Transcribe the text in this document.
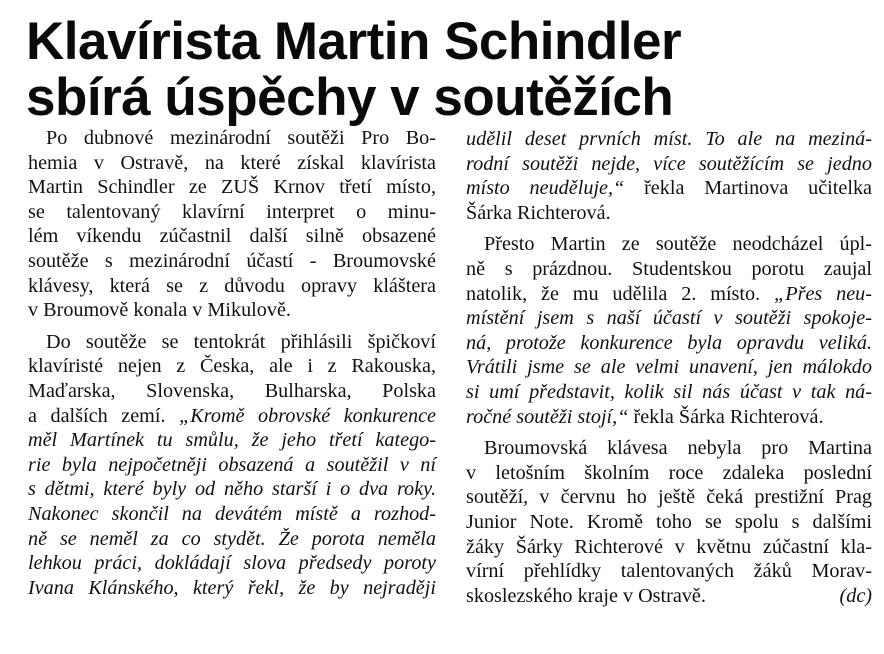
Klavírista Martin Schindler
sbírá úspěchy v soutěžích
Po dubnové mezinárodní soutěži Pro Bo-
hemia v Ostravě, na které získal klavírista
Martin Schindler ze ZUŠ Krnov třetí místo,
se talentovaný klavírní interpret o minu-
lém víkendu zúčastnil další silně obsazené
soutěže s mezinárodní účastí - Broumovské
klávesy, která se z důvodu opravy kláštera
v Broumově konala v Mikulově.
Do soutěže se tentokrát přihlásili špičkoví
klavíristé nejen z Česka, ale i z Rakouska,
Maďarska, Slovenska, Bulharska, Polska
a dalších zemí. „Kromě obrovské konkurence
měl Martínek tu smůlu, že jeho třetí katego-
rie byla nejpočetněji obsazená a soutěžil v ní
s dětmi, které byly od něho starší i o dva roky.
Nakonec skončil na devátém místě a rozhod-
ně se neměl za co stydět. Že porota neměla
lehkou práci, dokládají slova předsedy poroty
Ivana Klánského, který řekl, že by nejraději
udělil deset prvních míst. To ale na meziná-
rodní soutěži nejde, více soutěžícím se jedno
místo neuděluje,“ řekla Martinova učitelka
Šárka Richterová.
Přesto Martin ze soutěže neodcházel úpl-
ně s prázdnou. Studentskou porotu zaujal
natolik, že mu udělila 2. místo. „Přes neu-
místění jsem s naší účastí v soutěži spokoje-
ná, protože konkurence byla opravdu veliká.
Vrátili jsme se ale velmi unavení, jen málokdo
si umí představit, kolik sil nás účast v tak ná-
ročné soutěži stojí,“ řekla Šárka Richterová.
Broumovská klávesa nebyla pro Martina
v letošním školním roce zdaleka poslední
soutěží, v červnu ho ještě čeká prestižní Prag
Junior Note. Kromě toho se spolu s dalšími
žáky Šárky Richterové v květnu zúčastní kla-
vírní přehlídky talentovaných žáků Morav-
skoslezského kraje v Ostravě.	(dc)
